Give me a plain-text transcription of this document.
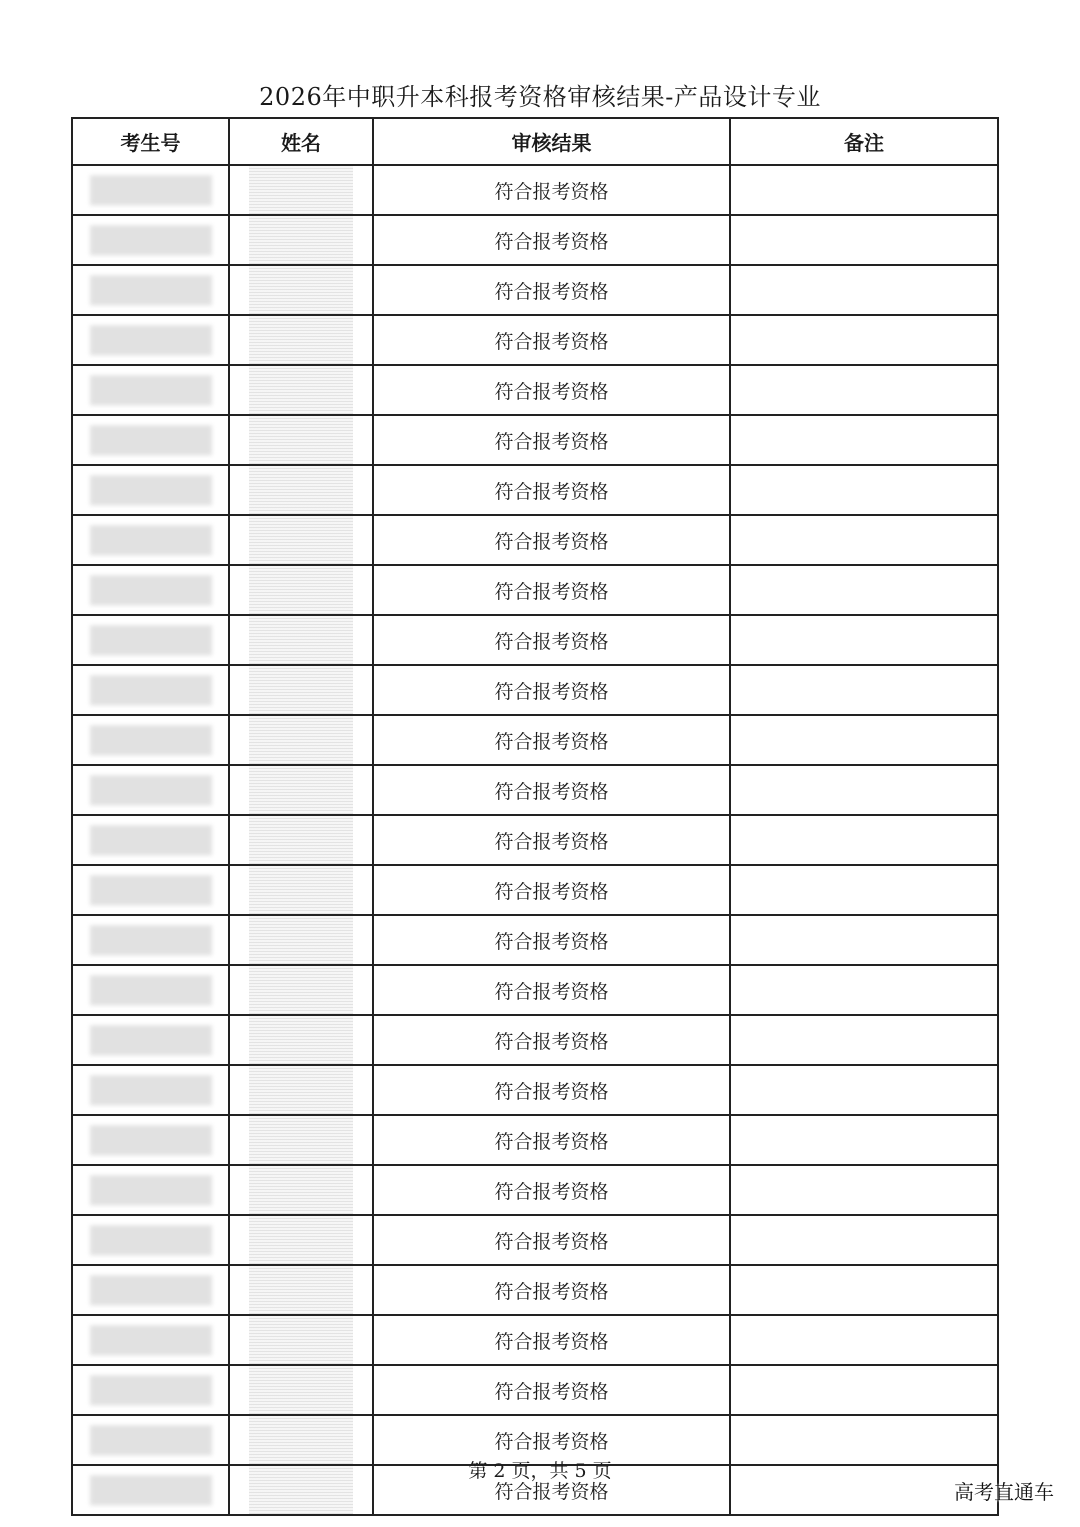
2026年中职升本科报考资格审核结果-产品设计专业
考生号	姓名	审核结果	备注
		符合报考资格	
		符合报考资格	
		符合报考资格	
		符合报考资格	
		符合报考资格	
		符合报考资格	
		符合报考资格	
		符合报考资格	
		符合报考资格	
		符合报考资格	
		符合报考资格	
		符合报考资格	
		符合报考资格	
		符合报考资格	
		符合报考资格	
		符合报考资格	
		符合报考资格	
		符合报考资格	
		符合报考资格	
		符合报考资格	
		符合报考资格	
		符合报考资格	
		符合报考资格	
		符合报考资格	
		符合报考资格	
		符合报考资格	
		符合报考资格	
第 2 页，共 5 页
高考直通车
